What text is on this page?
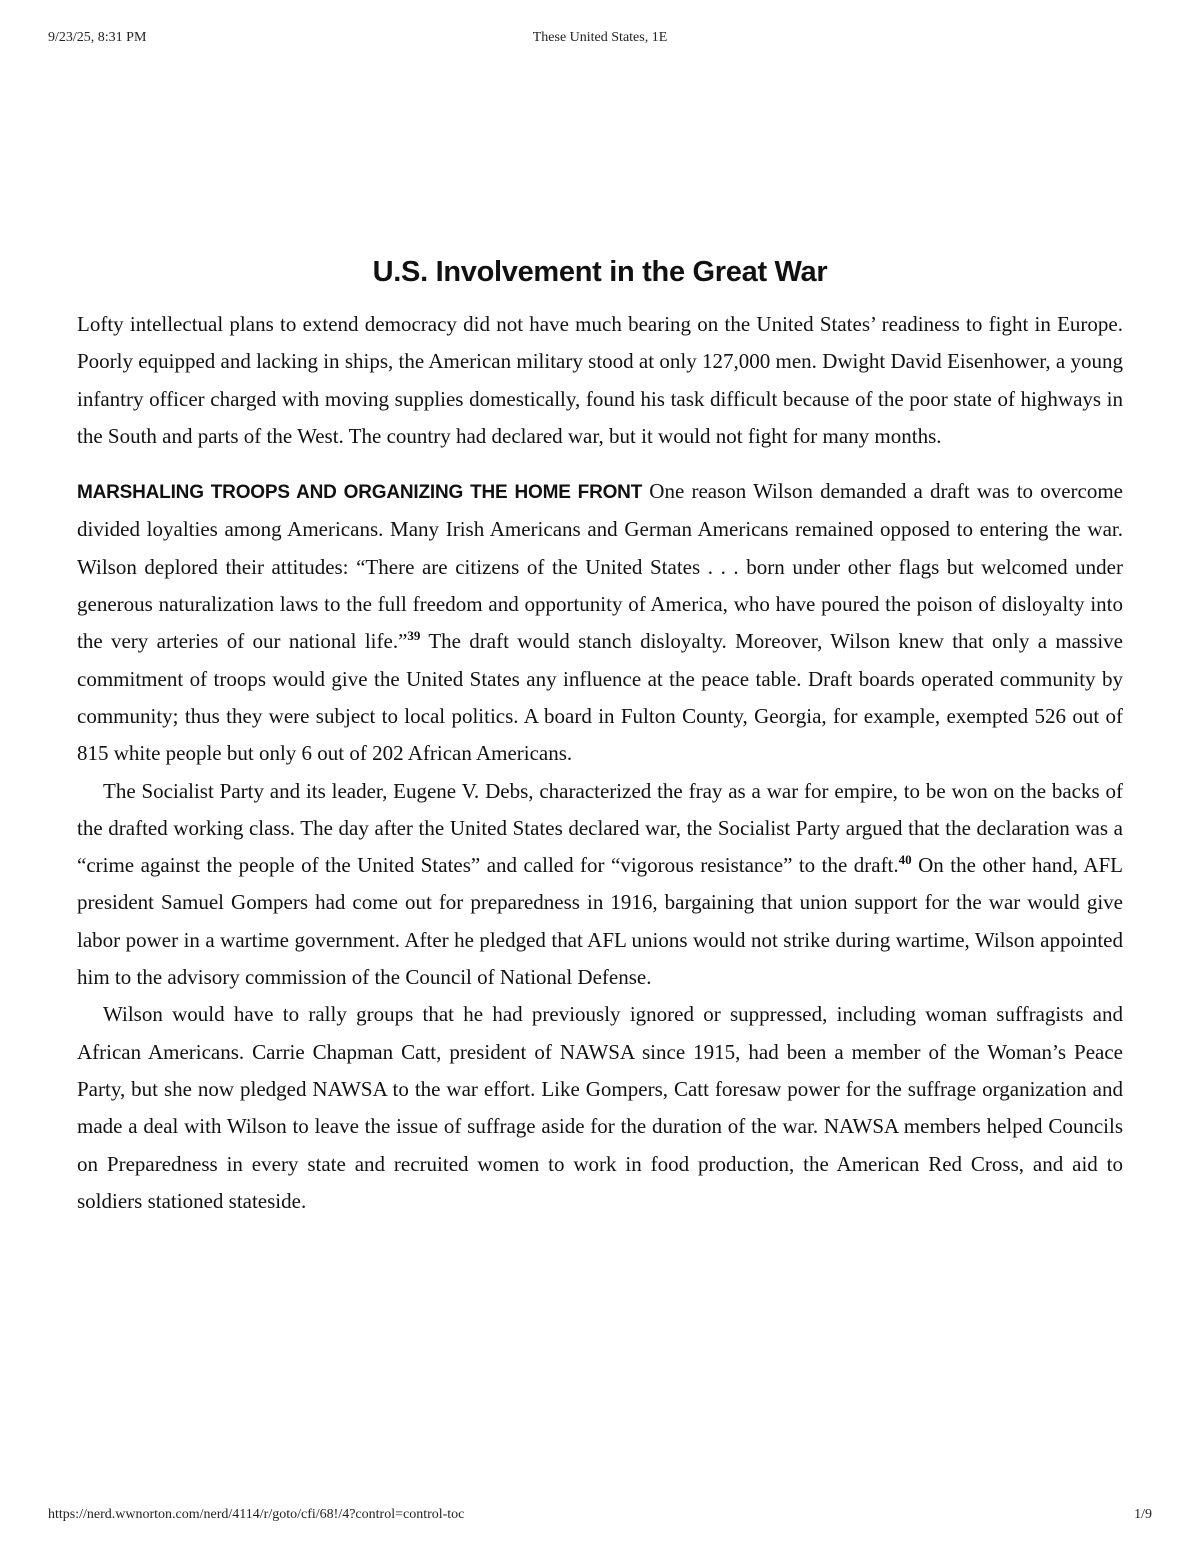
9/23/25, 8:31 PM	These United States, 1E
U.S. Involvement in the Great War

Lofty intellectual plans to extend democracy did not have much bearing on the United States’ readiness to fight in Europe. Poorly equipped and lacking in ships, the American military stood at only 127,000 men. Dwight David Eisenhower, a young infantry officer charged with moving supplies domestically, found his task difficult because of the poor state of highways in the South and parts of the West. The country had declared war, but it would not fight for many months.

MARSHALING TROOPS AND ORGANIZING THE HOME FRONT One reason Wilson demanded a draft was to overcome divided loyalties among Americans. Many Irish Americans and German Americans remained opposed to entering the war. Wilson deplored their attitudes: “There are citizens of the United States . . . born under other flags but welcomed under generous naturalization laws to the full freedom and opportunity of America, who have poured the poison of disloyalty into the very arteries of our national life.”$^{39}$ The draft would stanch disloyalty. Moreover, Wilson knew that only a massive commitment of troops would give the United States any influence at the peace table. Draft boards operated community by community; thus they were subject to local politics. A board in Fulton County, Georgia, for example, exempted 526 out of 815 white people but only 6 out of 202 African Americans.

The Socialist Party and its leader, Eugene V. Debs, characterized the fray as a war for empire, to be won on the backs of the drafted working class. The day after the United States declared war, the Socialist Party argued that the declaration was a “crime against the people of the United States” and called for “vigorous resistance” to the draft.$^{40}$ On the other hand, AFL president Samuel Gompers had come out for preparedness in 1916, bargaining that union support for the war would give labor power in a wartime government. After he pledged that AFL unions would not strike during wartime, Wilson appointed him to the advisory commission of the Council of National Defense.

Wilson would have to rally groups that he had previously ignored or suppressed, including woman suffragists and African Americans. Carrie Chapman Catt, president of NAWSA since 1915, had been a member of the Woman’s Peace Party, but she now pledged NAWSA to the war effort. Like Gompers, Catt foresaw power for the suffrage organization and made a deal with Wilson to leave the issue of suffrage aside for the duration of the war. NAWSA members helped Councils on Preparedness in every state and recruited women to work in food production, the American Red Cross, and aid to soldiers stationed stateside.

https://nerd.wwnorton.com/nerd/4114/r/goto/cfi/68!/4?control=control-toc	1/9
